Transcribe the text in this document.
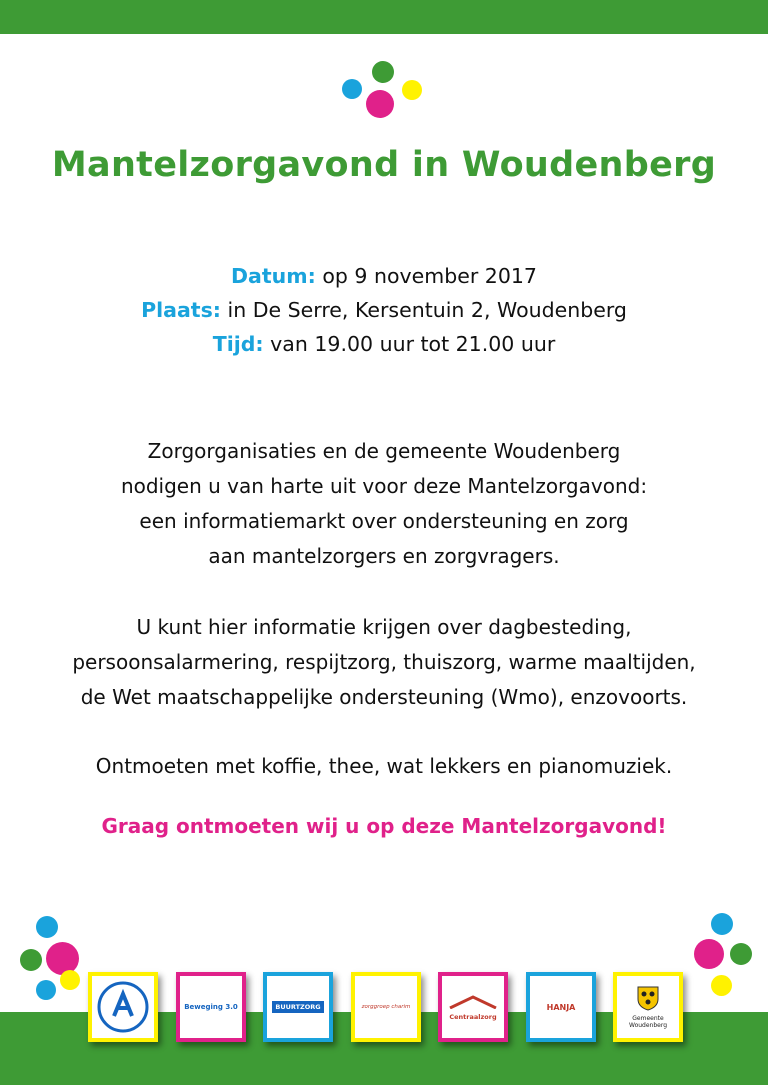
Mantelzorgavond in Woudenberg
Datum: op 9 november 2017
Plaats: in De Serre, Kersentuin 2, Woudenberg
Tijd: van 19.00 uur tot 21.00 uur
Zorgorganisaties en de gemeente Woudenberg
nodigen u van harte uit voor deze Mantelzorgavond:
een informatiemarkt over ondersteuning en zorg
aan mantelzorgers en zorgvragers.
U kunt hier informatie krijgen over dagbesteding,
persoonsalarmering, respijtzorg, thuiszorg, warme maaltijden,
de Wet maatschappelijke ondersteuning (Wmo), enzovoorts.
Ontmoeten met koffie, thee, wat lekkers en pianomuziek.
Graag ontmoeten wij u op deze Mantelzorgavond!
Beweging 3.0	BUURTZORG	zorggroep charim
Centraalzorg
HANJA
Gemeente
Woudenberg
